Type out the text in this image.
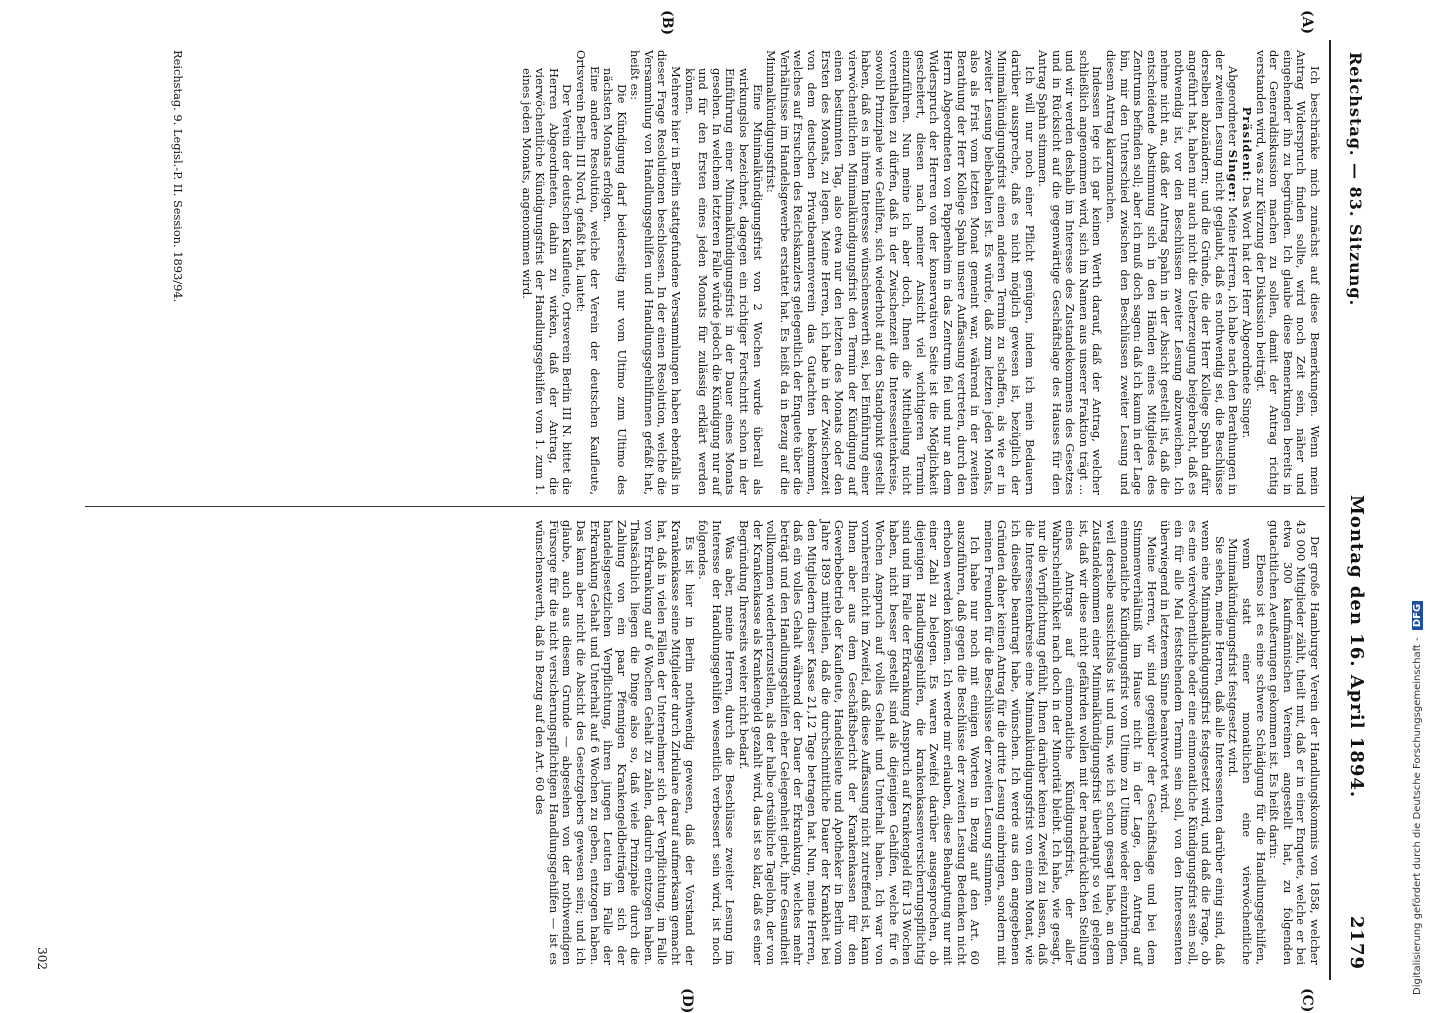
Reichstag. — 83. Sitzung.
Montag den 16. April 1894.
2179
(A)
(B)
(C)
(D)

Ich beschränke mich zunächst auf diese Bemerkungen. Wenn mein Antrag Widerspruch finden sollte, wird noch Zeit sein, näher und eingehender ihn zu begründen. Ich glaube diese Bemerkungen bereits in der Generaldiskussion machen zu sollen, damit der Antrag richtig verstanden wird, was zur Kürzung der Diskussion beiträgt.

Präsident: Das Wort hat der Herr Abgeordnete Singer.

Abgeordneter Singer: Meine Herren, ich habe nach den Berathungen in der zweiten Lesung nicht geglaubt, daß es nothwendig sei, die Beschlüsse derselben abzuändern; und die Gründe, die der Herr Kollege Spahn dafür angeführt hat, haben mir auch nicht die Ueberzeugung beigebracht, daß es nothwendig ist, vor den Beschlüssen zweiter Lesung abzuweichen. Ich nehme nicht an, daß der Antrag Spahn in der Absicht gestellt ist, daß die entscheidende Abstimmung sich in den Händen eines Mitgliedes des Zentrums befinden soll; aber ich muß doch sagen: daß ich kaum in der Lage bin, mir den Unterschied zwischen den Beschlüssen zweiter Lesung und diesem Antrag klarzumachen.

Indessen lege ich gar keinen Werth darauf, daß der Antrag, welcher schließlich angenommen wird, sich im Namen aus unserer Fraktion trägt ... und wir werden deshalb im Interesse des Zustandekommens des Gesetzes und in Rücksicht auf die gegenwärtige Geschäftslage des Hauses für den Antrag Spahn stimmen.

Ich will nur noch einer Pflicht genügen, indem ich mein Bedauern darüber ausspreche, daß es nicht möglich gewesen ist, bezüglich der Minimalkündigungsfrist einen anderen Termin zu schaffen, als wie er in zweiter Lesung beibehalten ist. Es würde, daß zum letzten jeden Monats, also als Frist vom letzten Monat gemeint war, während in der zweiten Berathung der Herr Kollege Spahn unsere Auffassung vertreten, durch den Herrn Abgeordneten von Pappenheim in das Zentrum fiel und nur an dem Widerspruch der Herren von der konservativen Seite ist die Möglichkeit gescheitert, diesen nach meiner Ansicht viel wichtigeren Termin einzuführen. Nun meine ich aber doch, Ihnen die Mittheilung nicht vorenthalten zu dürfen, daß in der Zwischenzeit die Interessentenkreise, sowohl Prinzipale wie Gehilfen, sich wiederholt auf den Standpunkt gestellt haben, daß es in ihrem Interesse wünschenswerth sei, bei Einführung einer vierwöchentlichen Minimalkündigungsfrist den Termin der Kündigung auf einen bestimmten Tag, also etwa nur den letzten des Monats oder den Ersten des Monats, zu legen. Meine Herren, ich habe in der Zwischenzeit von dem deutschen Privatbeamtenverein das Gutachten bekommen, welches auf Ersuchen des Reichskanzlers gelegentlich der Enquete über die Verhältnisse im Handelsgewerbe erstattet hat. Es heißt da in Bezug auf die Minimalkündigungsfrist:

Eine Minimalkündigungsfrist von 2 Wochen wurde überall als wirkungslos bezeichnet, dagegen ein richtiger Fortschritt schon in der Einführung einer Minimalkündigungsfrist in der Dauer eines Monats gesehen. In welchem letzteren Falle würde jedoch die Kündigung nur auf und für den Ersten eines jeden Monats für zulässig erklärt werden können.

Mehrere hier in Berlin stattgefundene Versammlungen haben ebenfalls in dieser Frage Resolutionen beschlossen. In der einen Resolution, welche die Versammlung von Handlungsgehilfen und Handlungsgehilfinnen gefaßt hat, heißt es:

Die Kündigung darf beiderseitig nur vom Ultimo zum Ultimo des nächsten Monats erfolgen.

Eine andere Resolution, welche der Verein der deutschen Kaufleute, Ortsverein Berlin III Nord, gefaßt hat, lautet:

Der Verein der deutschen Kaufleute, Ortsverein Berlin III N. bittet die Herren Abgeordneten, dahin zu wirken, daß der Antrag, die vierwöchentliche Kündigungsfrist der Handlungsgehilfen vom 1. zum 1. eines jeden Monats, angenommen wird.

Reichstag. 9. Legisl.-P. II. Session. 1893/94.

Der große Hamburger Verein der Handlungskommis von 1858, welcher 43 000 Mitglieder zählt, theilt mit, daß er in einer Enquete, welche er bei etwa 300 kaufmännischen Vereinen angestellt hat, zu folgenden gutachtlichen Aeußerungen gekommen ist. Es heißt darin:

Ebenso ist es eine schwere Schädigung für die Handlungsgehilfen, wenn statt einer monatlichen eine vierwöchentliche Minimalkündigungsfrist festgesetzt wird.

Sie sehen, meine Herren, daß alle Interessenten darüber einig sind, daß wenn eine Minimalkündigungsfrist festgesetzt wird, und daß die Frage, ob es eine vierwöchentliche oder eine einmonatliche Kündigungsfrist sein soll, ein für alle Mal feststehendem Termin sein soll, von den Interessenten überwiegend in letzterem Sinne beantwortet wird.

Meine Herren, wir sind gegenüber der Geschäftslage und bei dem Stimmenverhältniß im Hause nicht in der Lage, den Antrag auf einmonatliche Kündigungsfrist vom Ultimo zu Ultimo wieder einzubringen, weil derselbe aussichtslos ist und uns, wie ich schon gesagt habe, an dem Zustandekommen einer Minimalkündigungsfrist überhaupt so viel gelegen ist, daß wir diese nicht gefährden wollen mit der nachdrücklichen Stellung eines Antrags auf einmonatliche Kündigungsfrist, der aller Wahrscheinlichkeit nach doch in der Minorität bleibt. Ich habe, wie gesagt, nur die Verpflichtung gefühlt, Ihnen darüber keinen Zweifel zu lassen, daß die Interessentenkreise eine Minimalkündigungsfrist von einem Monat, wie ich dieselbe beantragt habe, wünschen. Ich werde aus den angegebenen Gründen daher keinen Antrag für die dritte Lesung einbringen, sondern mit meinen Freunden für die Beschlüsse der zweiten Lesung stimmen.

Ich habe nur noch mit einigen Worten in Bezug auf den Art. 60 auszuführen, daß gegen die Beschlüsse der zweiten Lesung Bedenken nicht erhoben werden können. Ich werde mir erlauben, diese Behauptung nur mit einer Zahl zu belegen. Es waren Zweifel darüber ausgesprochen, ob diejenigen Handlungsgehilfen, die krankenkassenversicherungspflichtig sind und im Falle der Erkrankung Anspruch auf Krankengeld für 13 Wochen haben, nicht besser gestellt sind als diejenigen Gehilfen, welche für 6 Wochen Anspruch auf volles Gehalt und Unterhalt haben. Ich war von vornherein nicht im Zweifel, daß diese Auffassung nicht zutreffend ist, kann Ihnen aber aus dem Geschäftsbericht der Krankenkassen für den Gewerbebetrieb der Kaufleute, Handelsleute und Apotheker in Berlin vom Jahre 1893 mittheilen, daß die durchschnittliche Dauer der Krankheit bei den Mitgliedern dieser Kasse 21,12 Tage betragen hat. Nun, meine Herren, daß ein volles Gehalt während der Dauer der Erkrankung, welches mehr beträgt und den Handlungsgehilfen eher Gelegenheit giebt, ihre Gesundheit vollkommen wiederherzustellen, als der halbe ortsübliche Tagelohn, der von der Krankenkasse als Krankengeld gezahlt wird, das ist so klar, daß es einer Begründung Ihrerseits weiter nicht bedarf.

Was aber, meine Herren, durch die Beschlüsse zweiter Lesung im Interesse der Handlungsgehilfen wesentlich verbessert sein wird, ist noch folgendes.

Es ist hier in Berlin nothwendig gewesen, daß der Vorstand der Krankenkasse seine Mitglieder durch Zirkulare darauf aufmerksam gemacht hat, daß in vielen Fällen der Unternehmer sich der Verpflichtung, im Falle von Erkrankung auf 6 Wochen Gehalt zu zahlen, dadurch entzogen haben. Thatsächlich liegen die Dinge also so, daß viele Prinzipale durch die Zahlung von ein paar Pfennigen Krankengeldbeiträgen sich der handelsgesetzlichen Verpflichtung, ihren jungen Leuten im Falle der Erkrankung Gehalt und Unterhalt auf 6 Wochen zu geben, entzogen haben. Das kann aber nicht die Absicht des Gesetzgebers gewesen sein; und ich glaube, auch aus diesem Grunde — abgesehen von der nothwendigen Fürsorge für die nicht versicherungspflichtigen Handlungsgehilfen — ist es wünschenswerth, daß in Bezug auf den Art. 60 des

302	Digitalisierung gefördert durch die Deutsche Forschungsgemeinschaft - DFG
